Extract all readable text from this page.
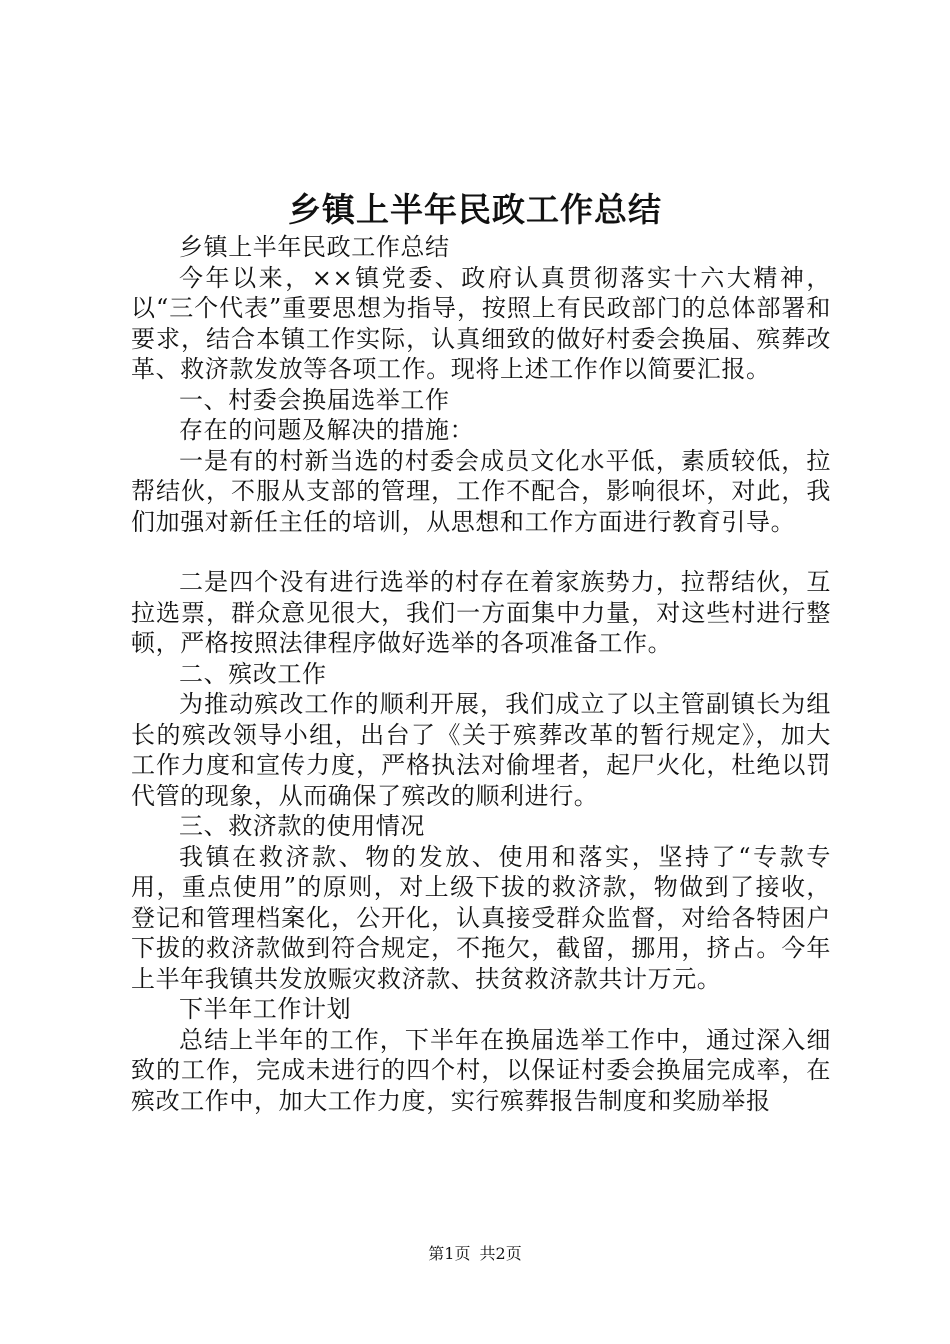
乡镇上半年民政工作总结

乡镇上半年民政工作总结

今年以来，××镇党委、政府认真贯彻落实十六大精神，以“三个代表”重要思想为指导，按照上有民政部门的总体部署和要求，结合本镇工作实际，认真细致的做好村委会换届、殡葬改革、救济款发放等各项工作。现将上述工作作以简要汇报。

一、村委会换届选举工作

存在的问题及解决的措施：

一是有的村新当选的村委会成员文化水平低，素质较低，拉帮结伙，不服从支部的管理，工作不配合，影响很坏，对此，我们加强对新任主任的培训，从思想和工作方面进行教育引导。

二是四个没有进行选举的村存在着家族势力，拉帮结伙，互拉选票，群众意见很大，我们一方面集中力量，对这些村进行整顿，严格按照法律程序做好选举的各项准备工作。

二、殡改工作

为推动殡改工作的顺利开展，我们成立了以主管副镇长为组长的殡改领导小组，出台了《关于殡葬改革的暂行规定》，加大工作力度和宣传力度，严格执法对偷埋者，起尸火化，杜绝以罚代管的现象，从而确保了殡改的顺利进行。

三、救济款的使用情况

我镇在救济款、物的发放、使用和落实，坚持了“专款专用，重点使用”的原则，对上级下拔的救济款，物做到了接收，登记和管理档案化，公开化，认真接受群众监督，对给各特困户下拔的救济款做到符合规定，不拖欠，截留，挪用，挤占。今年上半年我镇共发放赈灾救济款、扶贫救济款共计万元。

下半年工作计划

总结上半年的工作，下半年在换届选举工作中，通过深入细致的工作，完成未进行的四个村，以保证村委会换届完成率，在殡改工作中，加大工作力度，实行殡葬报告制度和奖励举报

第1页 共2页
